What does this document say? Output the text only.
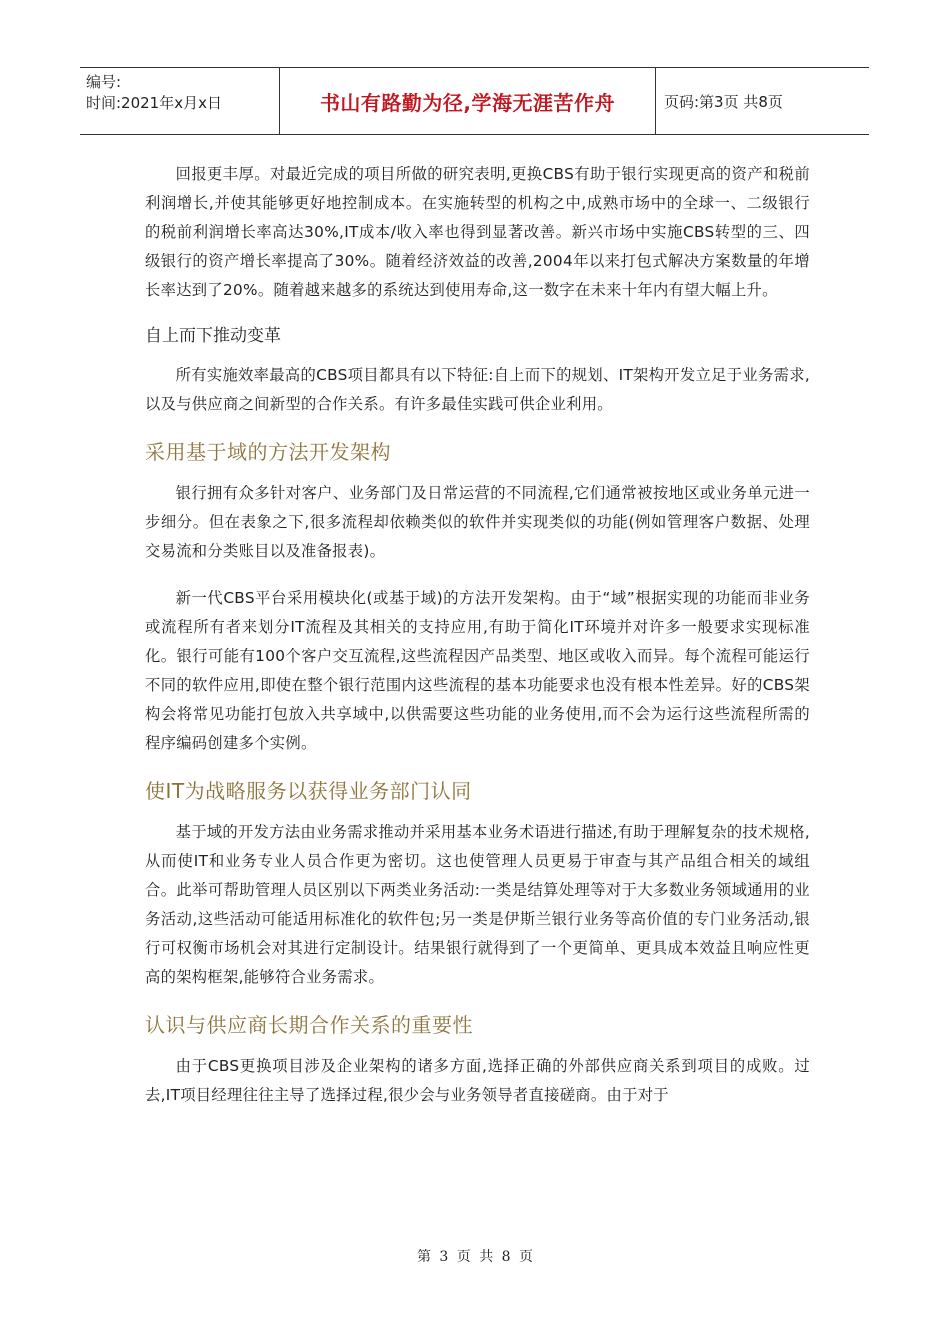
编号:
时间:2021年x月x日	书山有路勤为径,学海无涯苦作舟	页码:第3页 共8页

回报更丰厚。对最近完成的项目所做的研究表明,更换CBS有助于银行实现更高的资产和税前利润增长,并使其能够更好地控制成本。在实施转型的机构之中,成熟市场中的全球一、二级银行的税前利润增长率高达30%,IT成本/收入率也得到显著改善。新兴市场中实施CBS转型的三、四级银行的资产增长率提高了30%。随着经济效益的改善,2004年以来打包式解决方案数量的年增长率达到了20%。随着越来越多的系统达到使用寿命,这一数字在未来十年内有望大幅上升。

自上而下推动变革

所有实施效率最高的CBS项目都具有以下特征:自上而下的规划、IT架构开发立足于业务需求,以及与供应商之间新型的合作关系。有许多最佳实践可供企业利用。

采用基于域的方法开发架构

银行拥有众多针对客户、业务部门及日常运营的不同流程,它们通常被按地区或业务单元进一步细分。但在表象之下,很多流程却依赖类似的软件并实现类似的功能(例如管理客户数据、处理交易流和分类账目以及准备报表)。

新一代CBS平台采用模块化(或基于域)的方法开发架构。由于“域”根据实现的功能而非业务或流程所有者来划分IT流程及其相关的支持应用,有助于简化IT环境并对许多一般要求实现标准化。银行可能有100个客户交互流程,这些流程因产品类型、地区或收入而异。每个流程可能运行不同的软件应用,即使在整个银行范围内这些流程的基本功能要求也没有根本性差异。好的CBS架构会将常见功能打包放入共享域中,以供需要这些功能的业务使用,而不会为运行这些流程所需的程序编码创建多个实例。

使IT为战略服务以获得业务部门认同

基于域的开发方法由业务需求推动并采用基本业务术语进行描述,有助于理解复杂的技术规格,从而使IT和业务专业人员合作更为密切。这也使管理人员更易于审查与其产品组合相关的域组合。此举可帮助管理人员区别以下两类业务活动:一类是结算处理等对于大多数业务领域通用的业务活动,这些活动可能适用标准化的软件包;另一类是伊斯兰银行业务等高价值的专门业务活动,银行可权衡市场机会对其进行定制设计。结果银行就得到了一个更简单、更具成本效益且响应性更高的架构框架,能够符合业务需求。

认识与供应商长期合作关系的重要性

由于CBS更换项目涉及企业架构的诸多方面,选择正确的外部供应商关系到项目的成败。过去,IT项目经理往往主导了选择过程,很少会与业务领导者直接磋商。由于对于

第 3 页 共 8 页
